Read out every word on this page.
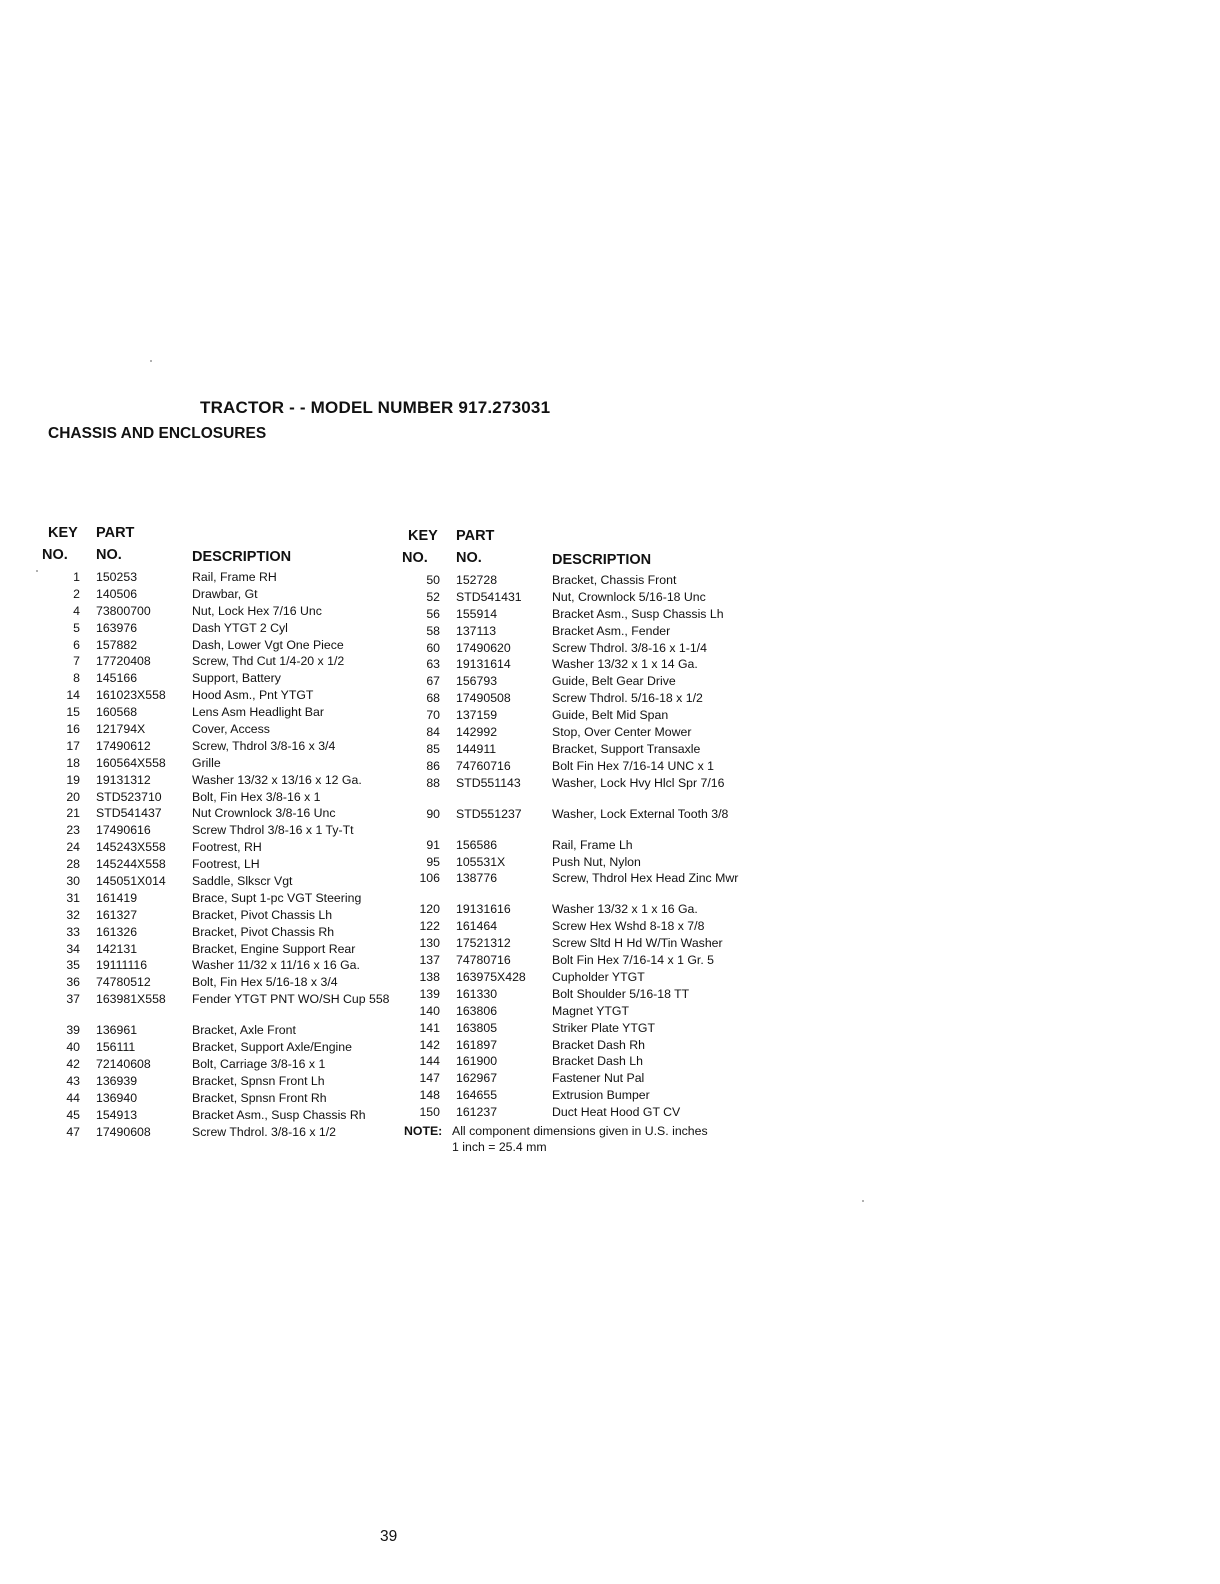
TRACTOR - - MODEL NUMBER 917.273031
CHASSIS AND ENCLOSURES
KEY PART
NO. NO.	DESCRIPTION
1 150253	Rail, Frame RH
2 140506	Drawbar, Gt
4 73800700	Nut, Lock Hex 7/16 Unc
5 163976	Dash YTGT 2 Cyl
6 157882	Dash, Lower Vgt One Piece
7 17720408	Screw, Thd Cut 1/4-20 x 1/2
8 145166	Support, Battery
14 161023X558 Hood Asm., Pnt YTGT
15 160568	Lens Asm Headlight Bar
16 121794X	Cover, Access
17 17490612	Screw, Thdrol 3/8-16 x 3/4
18 160564X558 Grille
19 19131312	Washer 13/32 x 13/16 x 12 Ga.
20 STD523710 Bolt, Fin Hex 3/8-16 x 1
21 STD541437 Nut Crownlock 3/8-16 Unc
23 17490616	Screw Thdrol 3/8-16 x 1 Ty-Tt
24 145243X558 Footrest, RH
28 145244X558 Footrest, LH
30 145051X014 Saddle, Slkscr Vgt
31 161419	Brace, Supt 1-pc VGT Steering
32 161327	Bracket, Pivot Chassis Lh
33 161326	Bracket, Pivot Chassis Rh
34 142131	Bracket, Engine Support Rear
35 19111116	Washer 11/32 x 11/16 x 16 Ga.
36 74780512	Bolt, Fin Hex 5/16-18 x 3/4
37 163981X558 Fender YTGT PNT WO/SH Cup 558
39 136961	Bracket, Axle Front
40 156111	Bracket, Support Axle/Engine
42 72140608	Bolt, Carriage 3/8-16 x 1
43 136939	Bracket, Spnsn Front Lh
44 136940	Bracket, Spnsn Front Rh
45 154913	Bracket Asm., Susp Chassis Rh
47 17490608	Screw Thdrol. 3/8-16 x 1/2
KEY PART
NO. NO.	DESCRIPTION
50 152728	Bracket, Chassis Front
52 STD541431 Nut, Crownlock 5/16-18 Unc
56 155914	Bracket Asm., Susp Chassis Lh
58 137113	Bracket Asm., Fender
60 17490620	Screw Thdrol. 3/8-16 x 1-1/4
63 19131614	Washer 13/32 x 1 x 14 Ga.
67 156793	Guide, Belt Gear Drive
68 17490508	Screw Thdrol. 5/16-18 x 1/2
70 137159	Guide, Belt Mid Span
84 142992	Stop, Over Center Mower
85 144911	Bracket, Support Transaxle
86 74760716	Bolt Fin Hex 7/16-14 UNC x 1
88 STD551143	Washer, Lock Hvy Hlcl Spr 7/16
90 STD551237 Washer, Lock External Tooth 3/8
91 156586	Rail, Frame Lh
95 105531X	Push Nut, Nylon
106 138776	Screw, Thdrol Hex Head Zinc Mwr
120 19131616	Washer 13/32 x 1 x 16 Ga.
122 161464	Screw Hex Wshd 8-18 x 7/8
130 17521312	Screw Sltd H Hd W/Tin Washer
137 74780716	Bolt Fin Hex 7/16-14 x 1 Gr. 5
138 163975X428 Cupholder YTGT
139 161330	Bolt Shoulder 5/16-18 TT
140 163806	Magnet YTGT
141 163805	Striker Plate YTGT
142 161897	Bracket Dash Rh
144 161900	Bracket Dash Lh
147 162967	Fastener Nut Pal
148 164655	Extrusion Bumper
150 161237	Duct Heat Hood GT CV
NOTE: All component dimensions given in U.S. inches
1 inch = 25.4 mm
39
